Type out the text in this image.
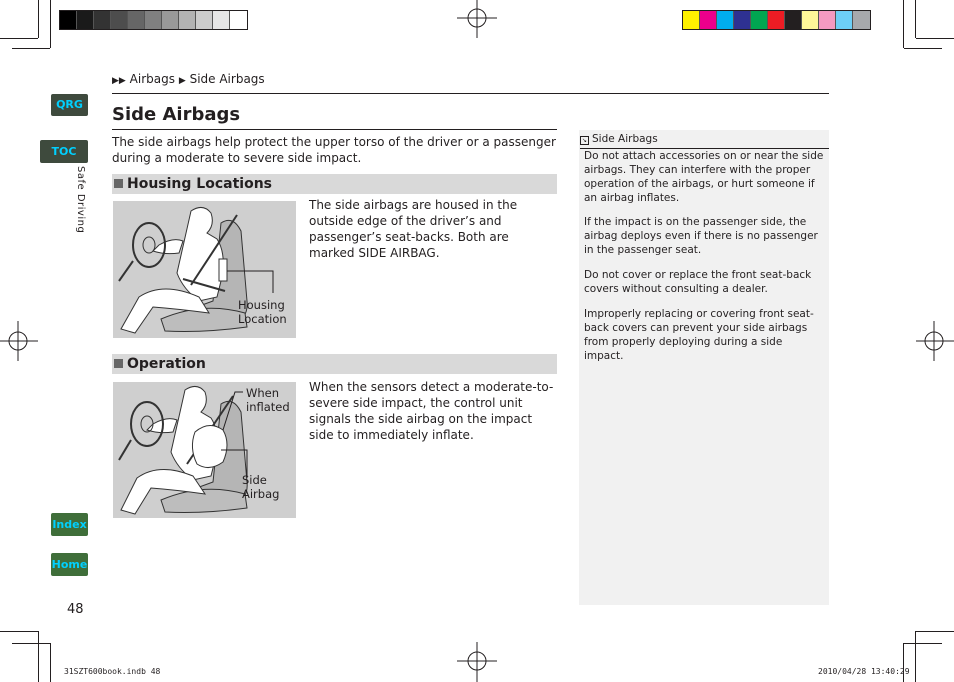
QRG
TOC
Safe Driving
Index
Home
48
▶▶ Airbags ▶ Side Airbags
Side Airbags
The side airbags help protect the upper torso of the driver or a passenger during a moderate to severe side impact.
Housing Locations
Housing
Location
The side airbags are housed in the outside edge of the driver’s and passenger’s seat-backs. Both are marked SIDE AIRBAG.
Operation
When
inflated
Side
Airbag
When the sensors detect a moderate-to-severe side impact, the control unit signals the side airbag on the impact side to immediately inflate.
↘ Side Airbags
Do not attach accessories on or near the side airbags. They can interfere with the proper operation of the airbags, or hurt someone if an airbag inflates.
If the impact is on the passenger side, the airbag deploys even if there is no passenger in the passenger seat.
Do not cover or replace the front seat-back covers without consulting a dealer.
Improperly replacing or covering front seat-back covers can prevent your side airbags from properly deploying during a side impact.
31SZT600book.indb 48	2010/04/28 13:40:29
